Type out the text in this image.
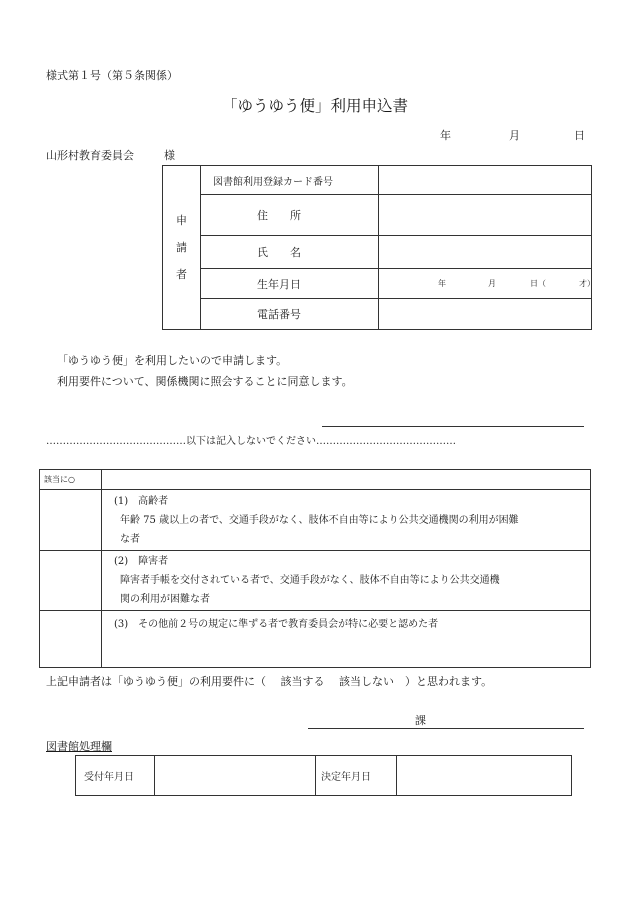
様式第１号（第５条関係）
「ゆうゆう便」利用申込書
年	月	日
山形村教育委員会	様
申
請
者	図書館利用登録カード番号	
	住　　所	
	氏　　名	
	生年月日	年 月 日（ 才）

	電話番号	
「ゆうゆう便」を利用したいので申請します。
利用要件について、関係機関に照会することに同意します。
……………………………………以下は記入しないでください……………………………………
該当に○	

	(1)　高齢者
年齢 75 歳以上の者で、交通手段がなく、肢体不自由等により公共交通機関の利用が困難
な者

	(2)　障害者
障害者手帳を交付されている者で、交通手段がなく、肢体不自由等により公共交通機
関の利用が困難な者

	(3)　その他前２号の規定に準ずる者で教育委員会が特に必要と認めた者
上記申請者は「ゆうゆう便」の利用要件に（　 該当する　 該当しない　）と思われます。
課
図書館処理欄
受付年月日		決定年月日	
